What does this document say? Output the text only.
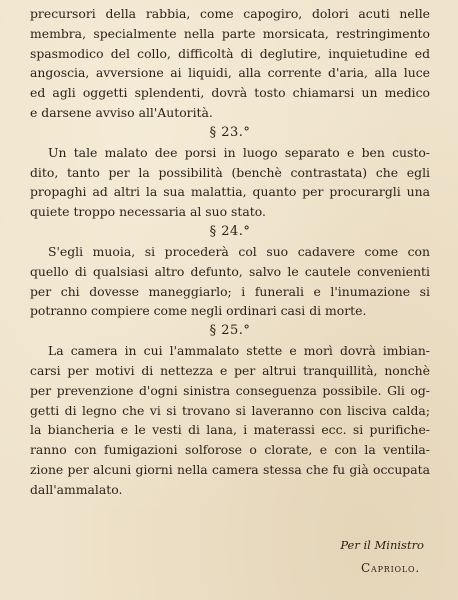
precursori della rabbia, come capogiro, dolori acuti nelle
membra, specialmente nella parte morsicata, restringimento
spasmodico del collo, difficoltà di deglutire, inquietudine ed
angoscia, avversione ai liquidi, alla corrente d'aria, alla luce
ed agli oggetti splendenti, dovrà tosto chiamarsi un medico
e darsene avviso all'Autorità.

§ 23.°

Un tale malato dee porsi in luogo separato e ben custo-
dito, tanto per la possibilità (benchè contrastata) che egli
propaghi ad altri la sua malattia, quanto per procurargli una
quiete troppo necessaria al suo stato.

§ 24.°

S'egli muoia, si procederà col suo cadavere come con
quello di qualsiasi altro defunto, salvo le cautele convenienti
per chi dovesse maneggiarlo; i funerali e l'inumazione si
potranno compiere come negli ordinari casi di morte.

§ 25.°

La camera in cui l'ammalato stette e morì dovrà imbian-
carsi per motivi di nettezza e per altrui tranquillità, nonchè
per prevenzione d'ogni sinistra conseguenza possibile. Gli og-
getti di legno che vi si trovano si laveranno con lisciva calda;
la biancheria e le vesti di lana, i materassi ecc. si purifiche-
ranno con fumigazioni solforose o clorate, e con la ventila-
zione per alcuni giorni nella camera stessa che fu già occupata
dall'ammalato.

Per il Ministro
Capriolo.
